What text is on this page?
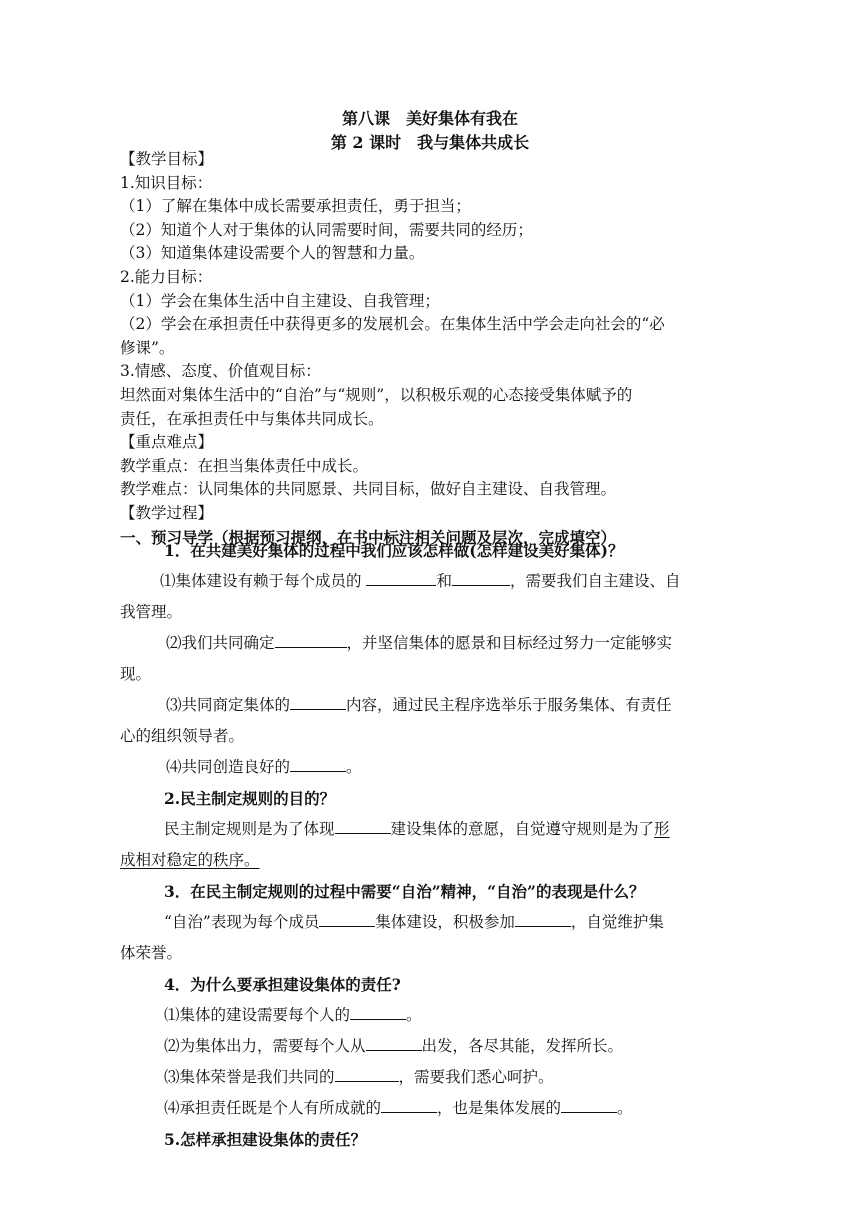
第八课　美好集体有我在
第 2 课时　我与集体共成长
【教学目标】
1.知识目标：
（1）了解在集体中成长需要承担责任，勇于担当；
（2）知道个人对于集体的认同需要时间，需要共同的经历；
（3）知道集体建设需要个人的智慧和力量。
2.能力目标：
（1）学会在集体生活中自主建设、自我管理；
（2）学会在承担责任中获得更多的发展机会。在集体生活中学会走向社会的“必
修课”。
3.情感、态度、价值观目标：
坦然面对集体生活中的“自治”与“规则”，以积极乐观的心态接受集体赋予的
责任，在承担责任中与集体共同成长。
【重点难点】
教学重点：在担当集体责任中成长。
教学难点：认同集体的共同愿景、共同目标，做好自主建设、自我管理。
【教学过程】
一、预习导学（根据预习提纲，在书中标注相关问题及层次，完成填空）
1．在共建美好集体的过程中我们应该怎样做(怎样建设美好集体)？
⑴集体建设有赖于每个成员的	和	，需要我们自主建设、自
我管理。
⑵我们共同确定	，并坚信集体的愿景和目标经过努力一定能够实
现。
⑶共同商定集体的	内容，通过民主程序选举乐于服务集体、有责任
心的组织领导者。
⑷共同创造良好的	。
2.民主制定规则的目的？
民主制定规则是为了体现	建设集体的意愿，自觉遵守规则是为了形
成相对稳定的秩序。
3．在民主制定规则的过程中需要“自治”精神，“自治”的表现是什么？
“自治”表现为每个成员	集体建设，积极参加	，自觉维护集
体荣誉。
4．为什么要承担建设集体的责任?
⑴集体的建设需要每个人的	。
⑵为集体出力，需要每个人从	出发，各尽其能，发挥所长。
⑶集体荣誉是我们共同的	，需要我们悉心呵护。
⑷承担责任既是个人有所成就的	，也是集体发展的	。
5.怎样承担建设集体的责任？
